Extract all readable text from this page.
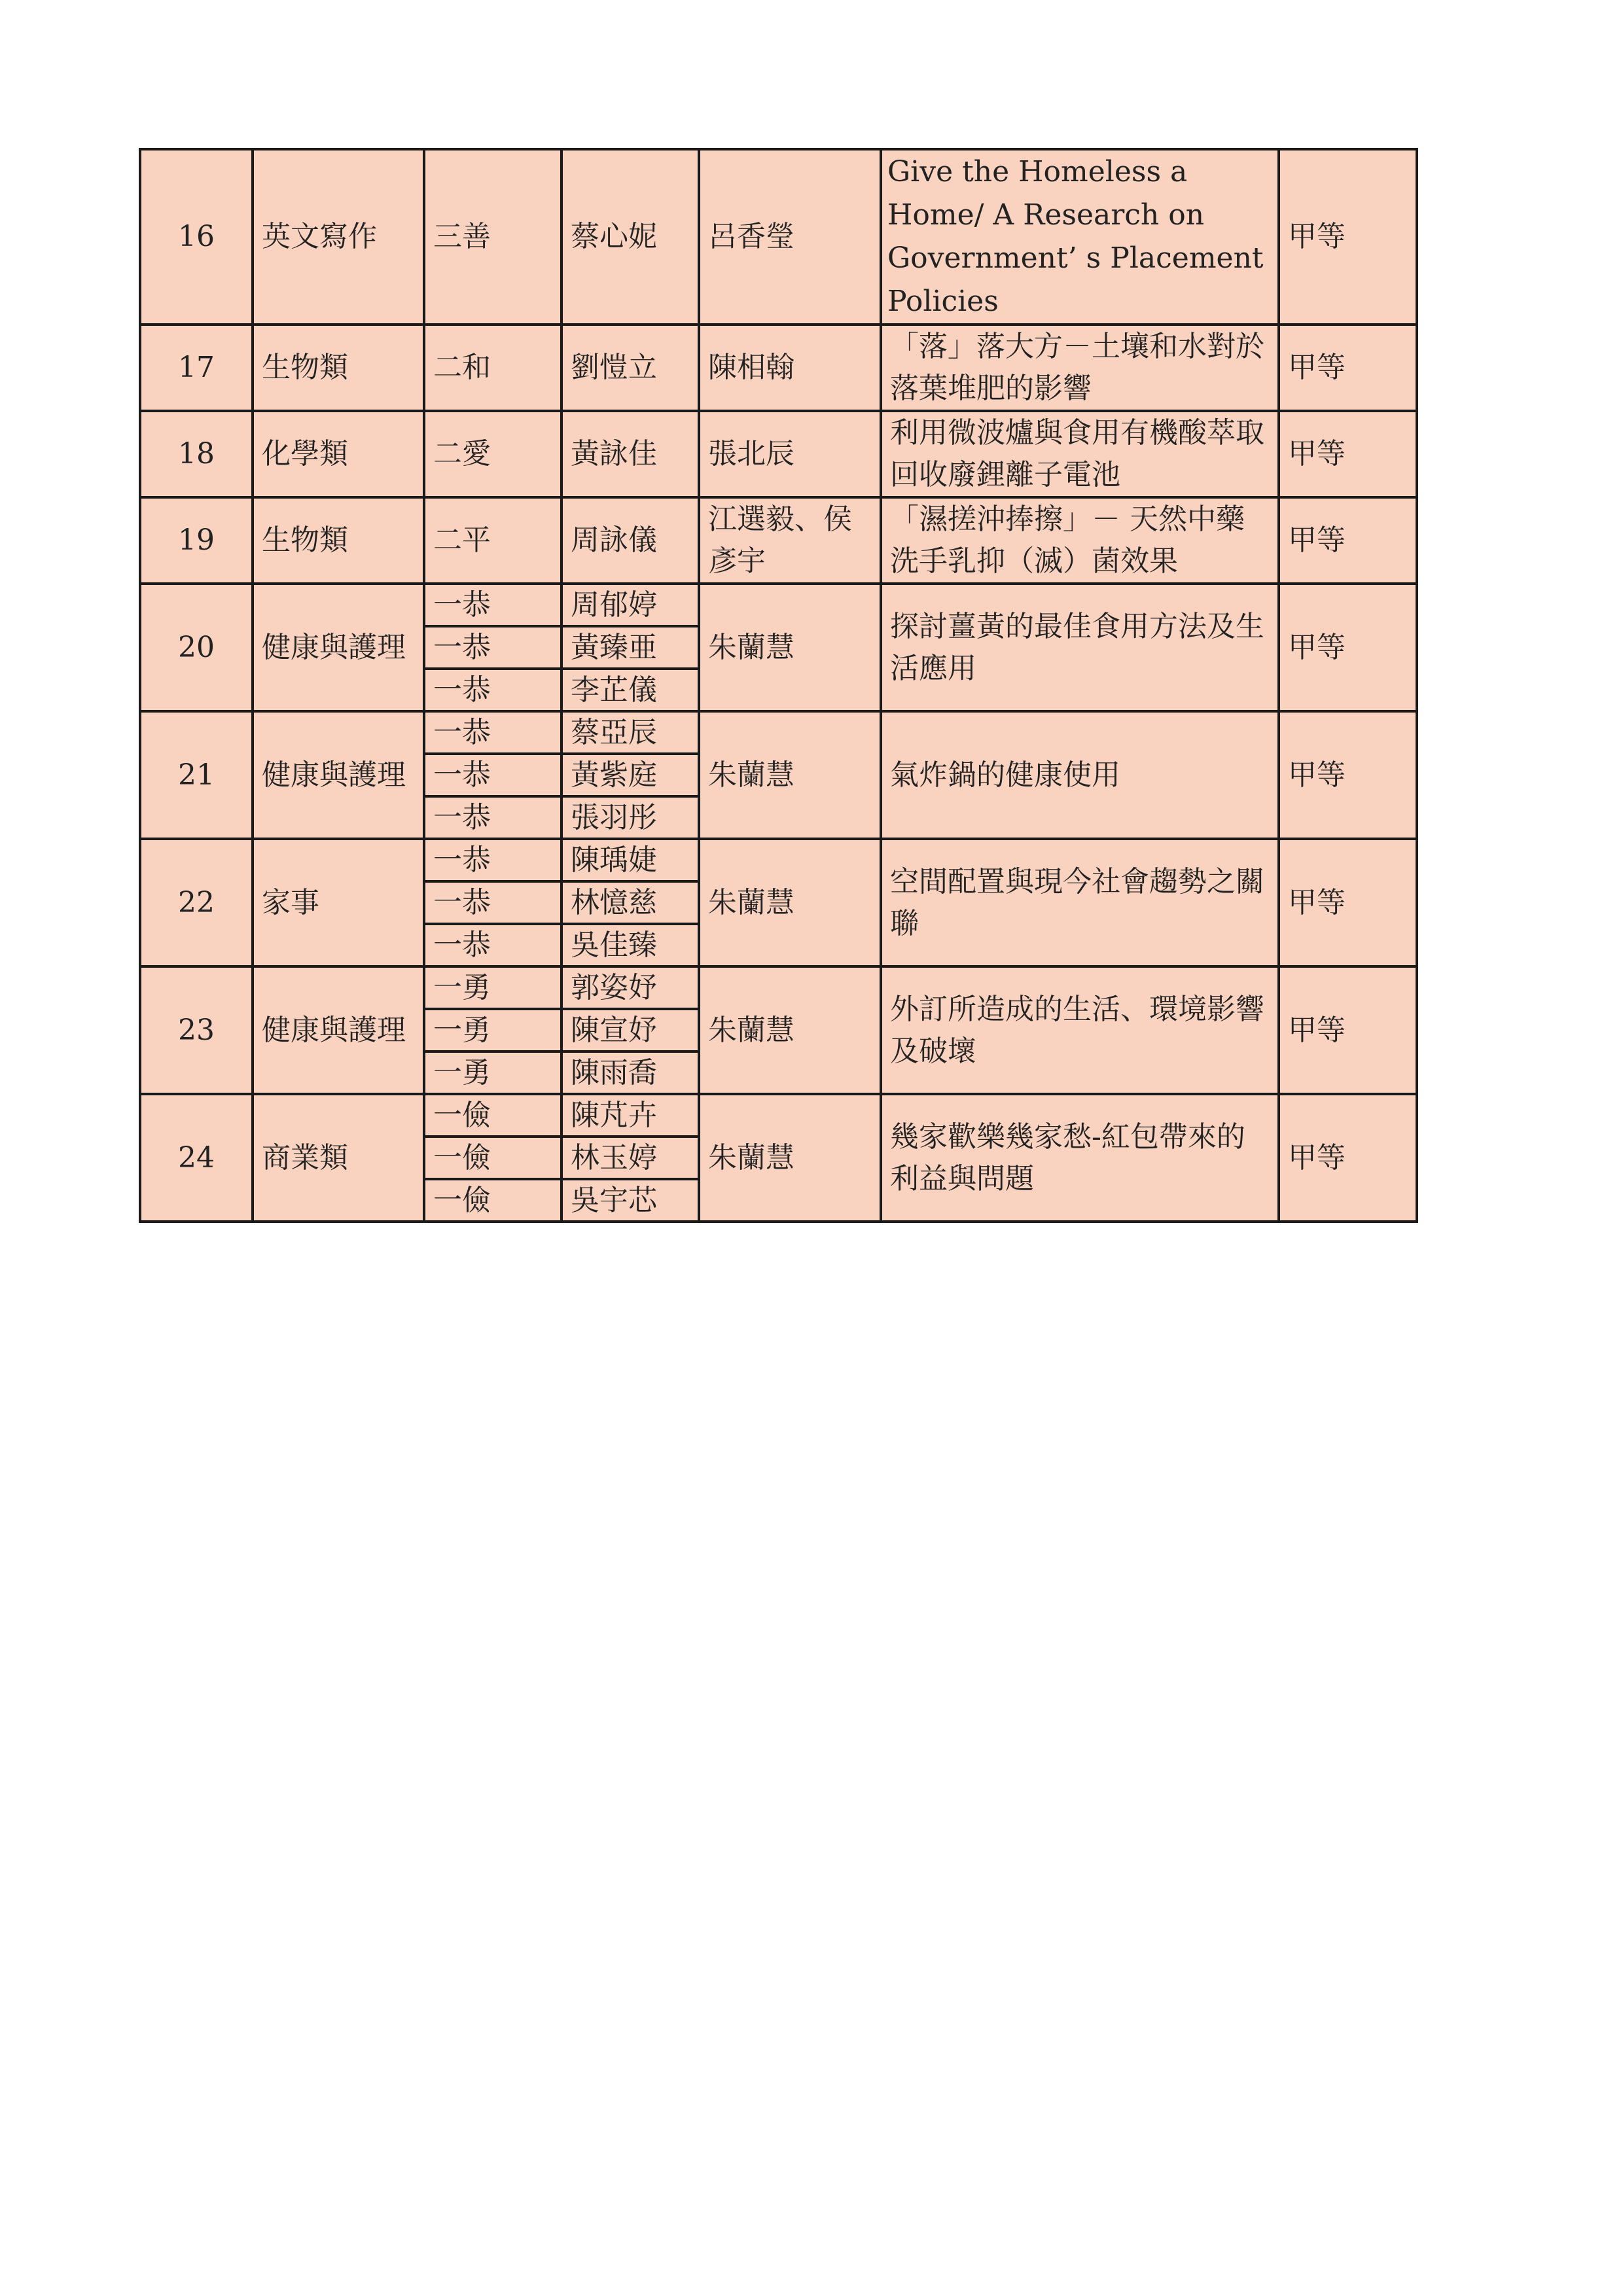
16	英文寫作	三善	蔡心妮	呂香瑩	Give the Homeless a Home/ A Research on Government’ s Placement Policies	甲等
17	生物類	二和	劉愷立	陳相翰	「落」落大方－土壤和水對於落葉堆肥的影響	甲等
18	化學類	二愛	黃詠佳	張北辰	利用微波爐與食用有機酸萃取回收廢鋰離子電池	甲等
19	生物類	二平	周詠儀	江選毅、侯彥宇	「濕搓沖捧擦」－ 天然中藥洗手乳抑（滅）菌效果	甲等
20	健康與護理	一恭	周郁婷	朱蘭慧	探討薑黃的最佳食用方法及生活應用	甲等
		一恭	黃臻亜			
		一恭	李芷儀			
21	健康與護理	一恭	蔡亞辰	朱蘭慧	氣炸鍋的健康使用	甲等
		一恭	黃紫庭			
		一恭	張羽彤			
22	家事	一恭	陳瑀婕	朱蘭慧	空間配置與現今社會趨勢之關聯	甲等
		一恭	林憶慈			
		一恭	吳佳臻			
23	健康與護理	一勇	郭姿妤	朱蘭慧	外訂所造成的生活、環境影響及破壞	甲等
		一勇	陳宣妤			
		一勇	陳雨喬			
24	商業類	一儉	陳芃卉	朱蘭慧	幾家歡樂幾家愁-紅包帶來的利益與問題	甲等
		一儉	林玉婷			
		一儉	吳宇芯			
